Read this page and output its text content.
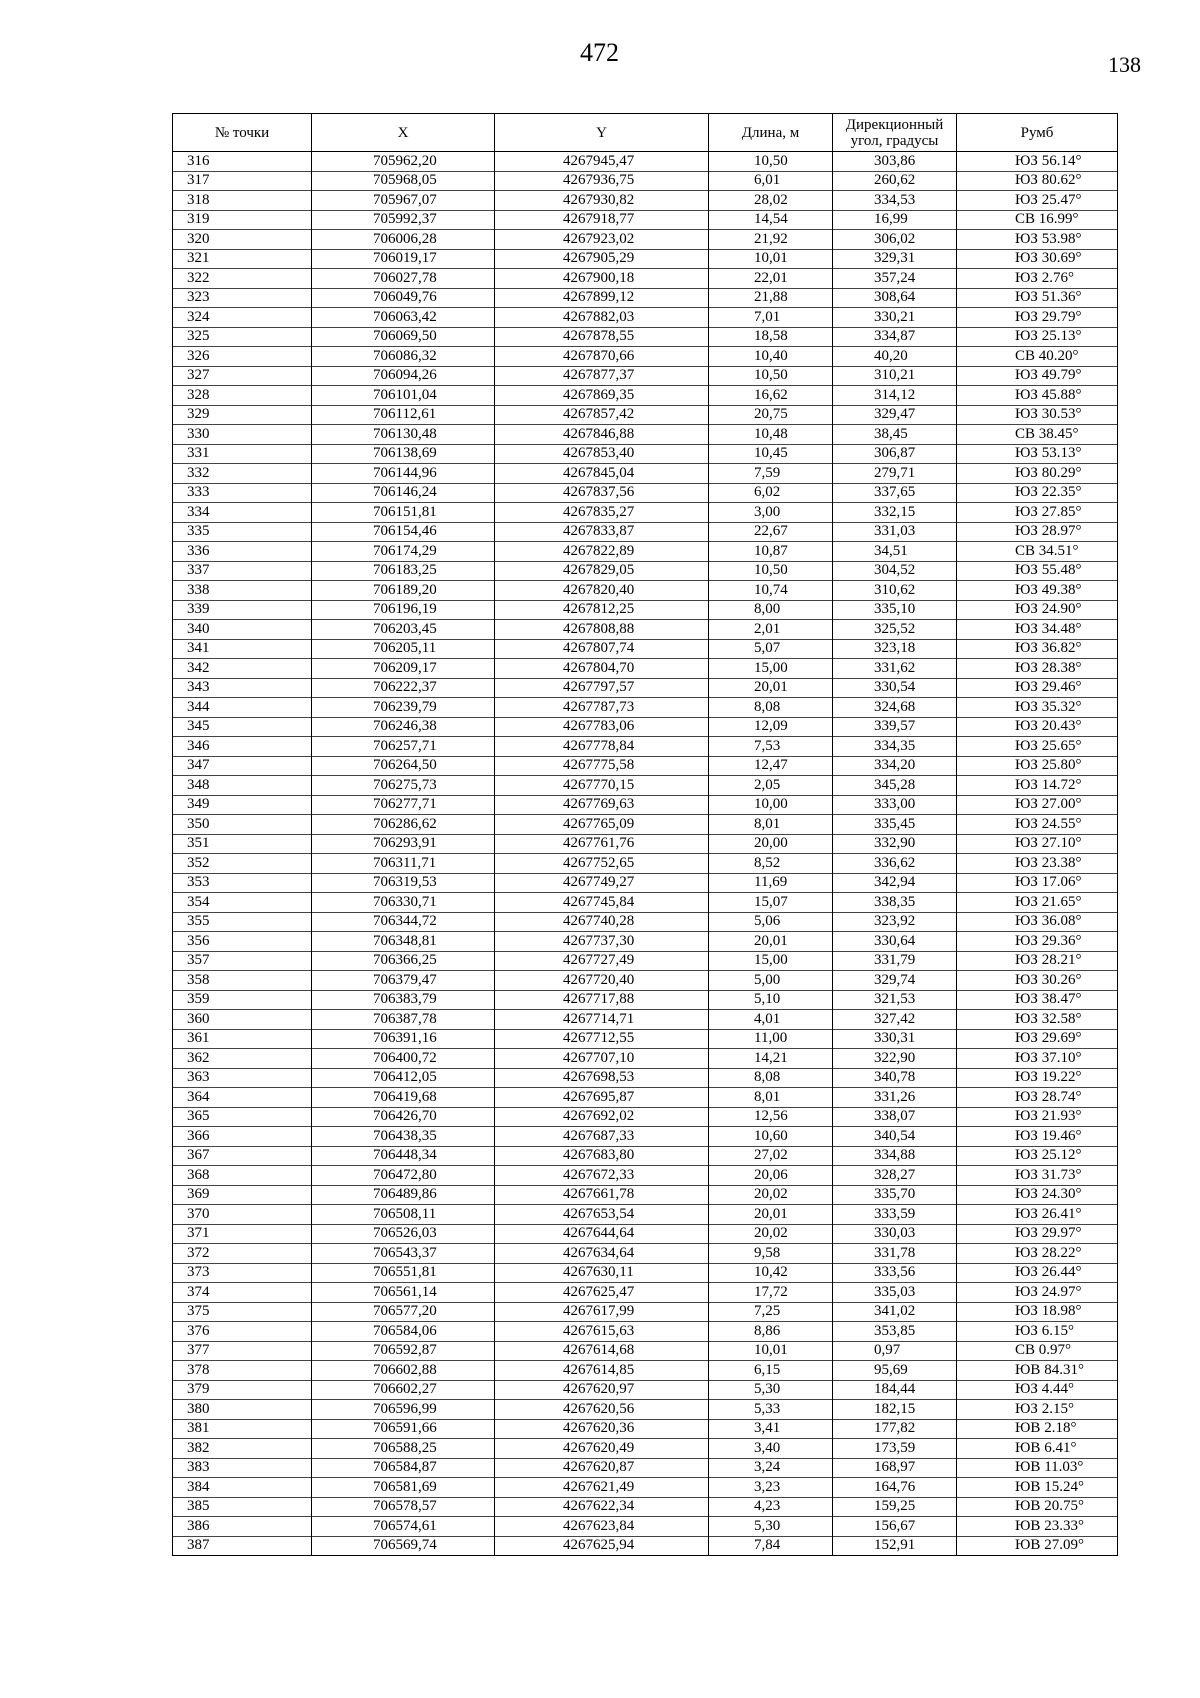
472	138
№ точки	X	Y	Длина, м	Дирекционный угол, градусы	Румб
316	705962,20	4267945,47	10,50	303,86	ЮЗ 56.14°
317	705968,05	4267936,75	6,01	260,62	ЮЗ 80.62°
318	705967,07	4267930,82	28,02	334,53	ЮЗ 25.47°
319	705992,37	4267918,77	14,54	16,99	СВ 16.99°
320	706006,28	4267923,02	21,92	306,02	ЮЗ 53.98°
321	706019,17	4267905,29	10,01	329,31	ЮЗ 30.69°
322	706027,78	4267900,18	22,01	357,24	ЮЗ 2.76°
323	706049,76	4267899,12	21,88	308,64	ЮЗ 51.36°
324	706063,42	4267882,03	7,01	330,21	ЮЗ 29.79°
325	706069,50	4267878,55	18,58	334,87	ЮЗ 25.13°
326	706086,32	4267870,66	10,40	40,20	СВ 40.20°
327	706094,26	4267877,37	10,50	310,21	ЮЗ 49.79°
328	706101,04	4267869,35	16,62	314,12	ЮЗ 45.88°
329	706112,61	4267857,42	20,75	329,47	ЮЗ 30.53°
330	706130,48	4267846,88	10,48	38,45	СВ 38.45°
331	706138,69	4267853,40	10,45	306,87	ЮЗ 53.13°
332	706144,96	4267845,04	7,59	279,71	ЮЗ 80.29°
333	706146,24	4267837,56	6,02	337,65	ЮЗ 22.35°
334	706151,81	4267835,27	3,00	332,15	ЮЗ 27.85°
335	706154,46	4267833,87	22,67	331,03	ЮЗ 28.97°
336	706174,29	4267822,89	10,87	34,51	СВ 34.51°
337	706183,25	4267829,05	10,50	304,52	ЮЗ 55.48°
338	706189,20	4267820,40	10,74	310,62	ЮЗ 49.38°
339	706196,19	4267812,25	8,00	335,10	ЮЗ 24.90°
340	706203,45	4267808,88	2,01	325,52	ЮЗ 34.48°
341	706205,11	4267807,74	5,07	323,18	ЮЗ 36.82°
342	706209,17	4267804,70	15,00	331,62	ЮЗ 28.38°
343	706222,37	4267797,57	20,01	330,54	ЮЗ 29.46°
344	706239,79	4267787,73	8,08	324,68	ЮЗ 35.32°
345	706246,38	4267783,06	12,09	339,57	ЮЗ 20.43°
346	706257,71	4267778,84	7,53	334,35	ЮЗ 25.65°
347	706264,50	4267775,58	12,47	334,20	ЮЗ 25.80°
348	706275,73	4267770,15	2,05	345,28	ЮЗ 14.72°
349	706277,71	4267769,63	10,00	333,00	ЮЗ 27.00°
350	706286,62	4267765,09	8,01	335,45	ЮЗ 24.55°
351	706293,91	4267761,76	20,00	332,90	ЮЗ 27.10°
352	706311,71	4267752,65	8,52	336,62	ЮЗ 23.38°
353	706319,53	4267749,27	11,69	342,94	ЮЗ 17.06°
354	706330,71	4267745,84	15,07	338,35	ЮЗ 21.65°
355	706344,72	4267740,28	5,06	323,92	ЮЗ 36.08°
356	706348,81	4267737,30	20,01	330,64	ЮЗ 29.36°
357	706366,25	4267727,49	15,00	331,79	ЮЗ 28.21°
358	706379,47	4267720,40	5,00	329,74	ЮЗ 30.26°
359	706383,79	4267717,88	5,10	321,53	ЮЗ 38.47°
360	706387,78	4267714,71	4,01	327,42	ЮЗ 32.58°
361	706391,16	4267712,55	11,00	330,31	ЮЗ 29.69°
362	706400,72	4267707,10	14,21	322,90	ЮЗ 37.10°
363	706412,05	4267698,53	8,08	340,78	ЮЗ 19.22°
364	706419,68	4267695,87	8,01	331,26	ЮЗ 28.74°
365	706426,70	4267692,02	12,56	338,07	ЮЗ 21.93°
366	706438,35	4267687,33	10,60	340,54	ЮЗ 19.46°
367	706448,34	4267683,80	27,02	334,88	ЮЗ 25.12°
368	706472,80	4267672,33	20,06	328,27	ЮЗ 31.73°
369	706489,86	4267661,78	20,02	335,70	ЮЗ 24.30°
370	706508,11	4267653,54	20,01	333,59	ЮЗ 26.41°
371	706526,03	4267644,64	20,02	330,03	ЮЗ 29.97°
372	706543,37	4267634,64	9,58	331,78	ЮЗ 28.22°
373	706551,81	4267630,11	10,42	333,56	ЮЗ 26.44°
374	706561,14	4267625,47	17,72	335,03	ЮЗ 24.97°
375	706577,20	4267617,99	7,25	341,02	ЮЗ 18.98°
376	706584,06	4267615,63	8,86	353,85	ЮЗ 6.15°
377	706592,87	4267614,68	10,01	0,97	СВ 0.97°
378	706602,88	4267614,85	6,15	95,69	ЮВ 84.31°
379	706602,27	4267620,97	5,30	184,44	ЮЗ 4.44°
380	706596,99	4267620,56	5,33	182,15	ЮЗ 2.15°
381	706591,66	4267620,36	3,41	177,82	ЮВ 2.18°
382	706588,25	4267620,49	3,40	173,59	ЮВ 6.41°
383	706584,87	4267620,87	3,24	168,97	ЮВ 11.03°
384	706581,69	4267621,49	3,23	164,76	ЮВ 15.24°
385	706578,57	4267622,34	4,23	159,25	ЮВ 20.75°
386	706574,61	4267623,84	5,30	156,67	ЮВ 23.33°
387	706569,74	4267625,94	7,84	152,91	ЮВ 27.09°
